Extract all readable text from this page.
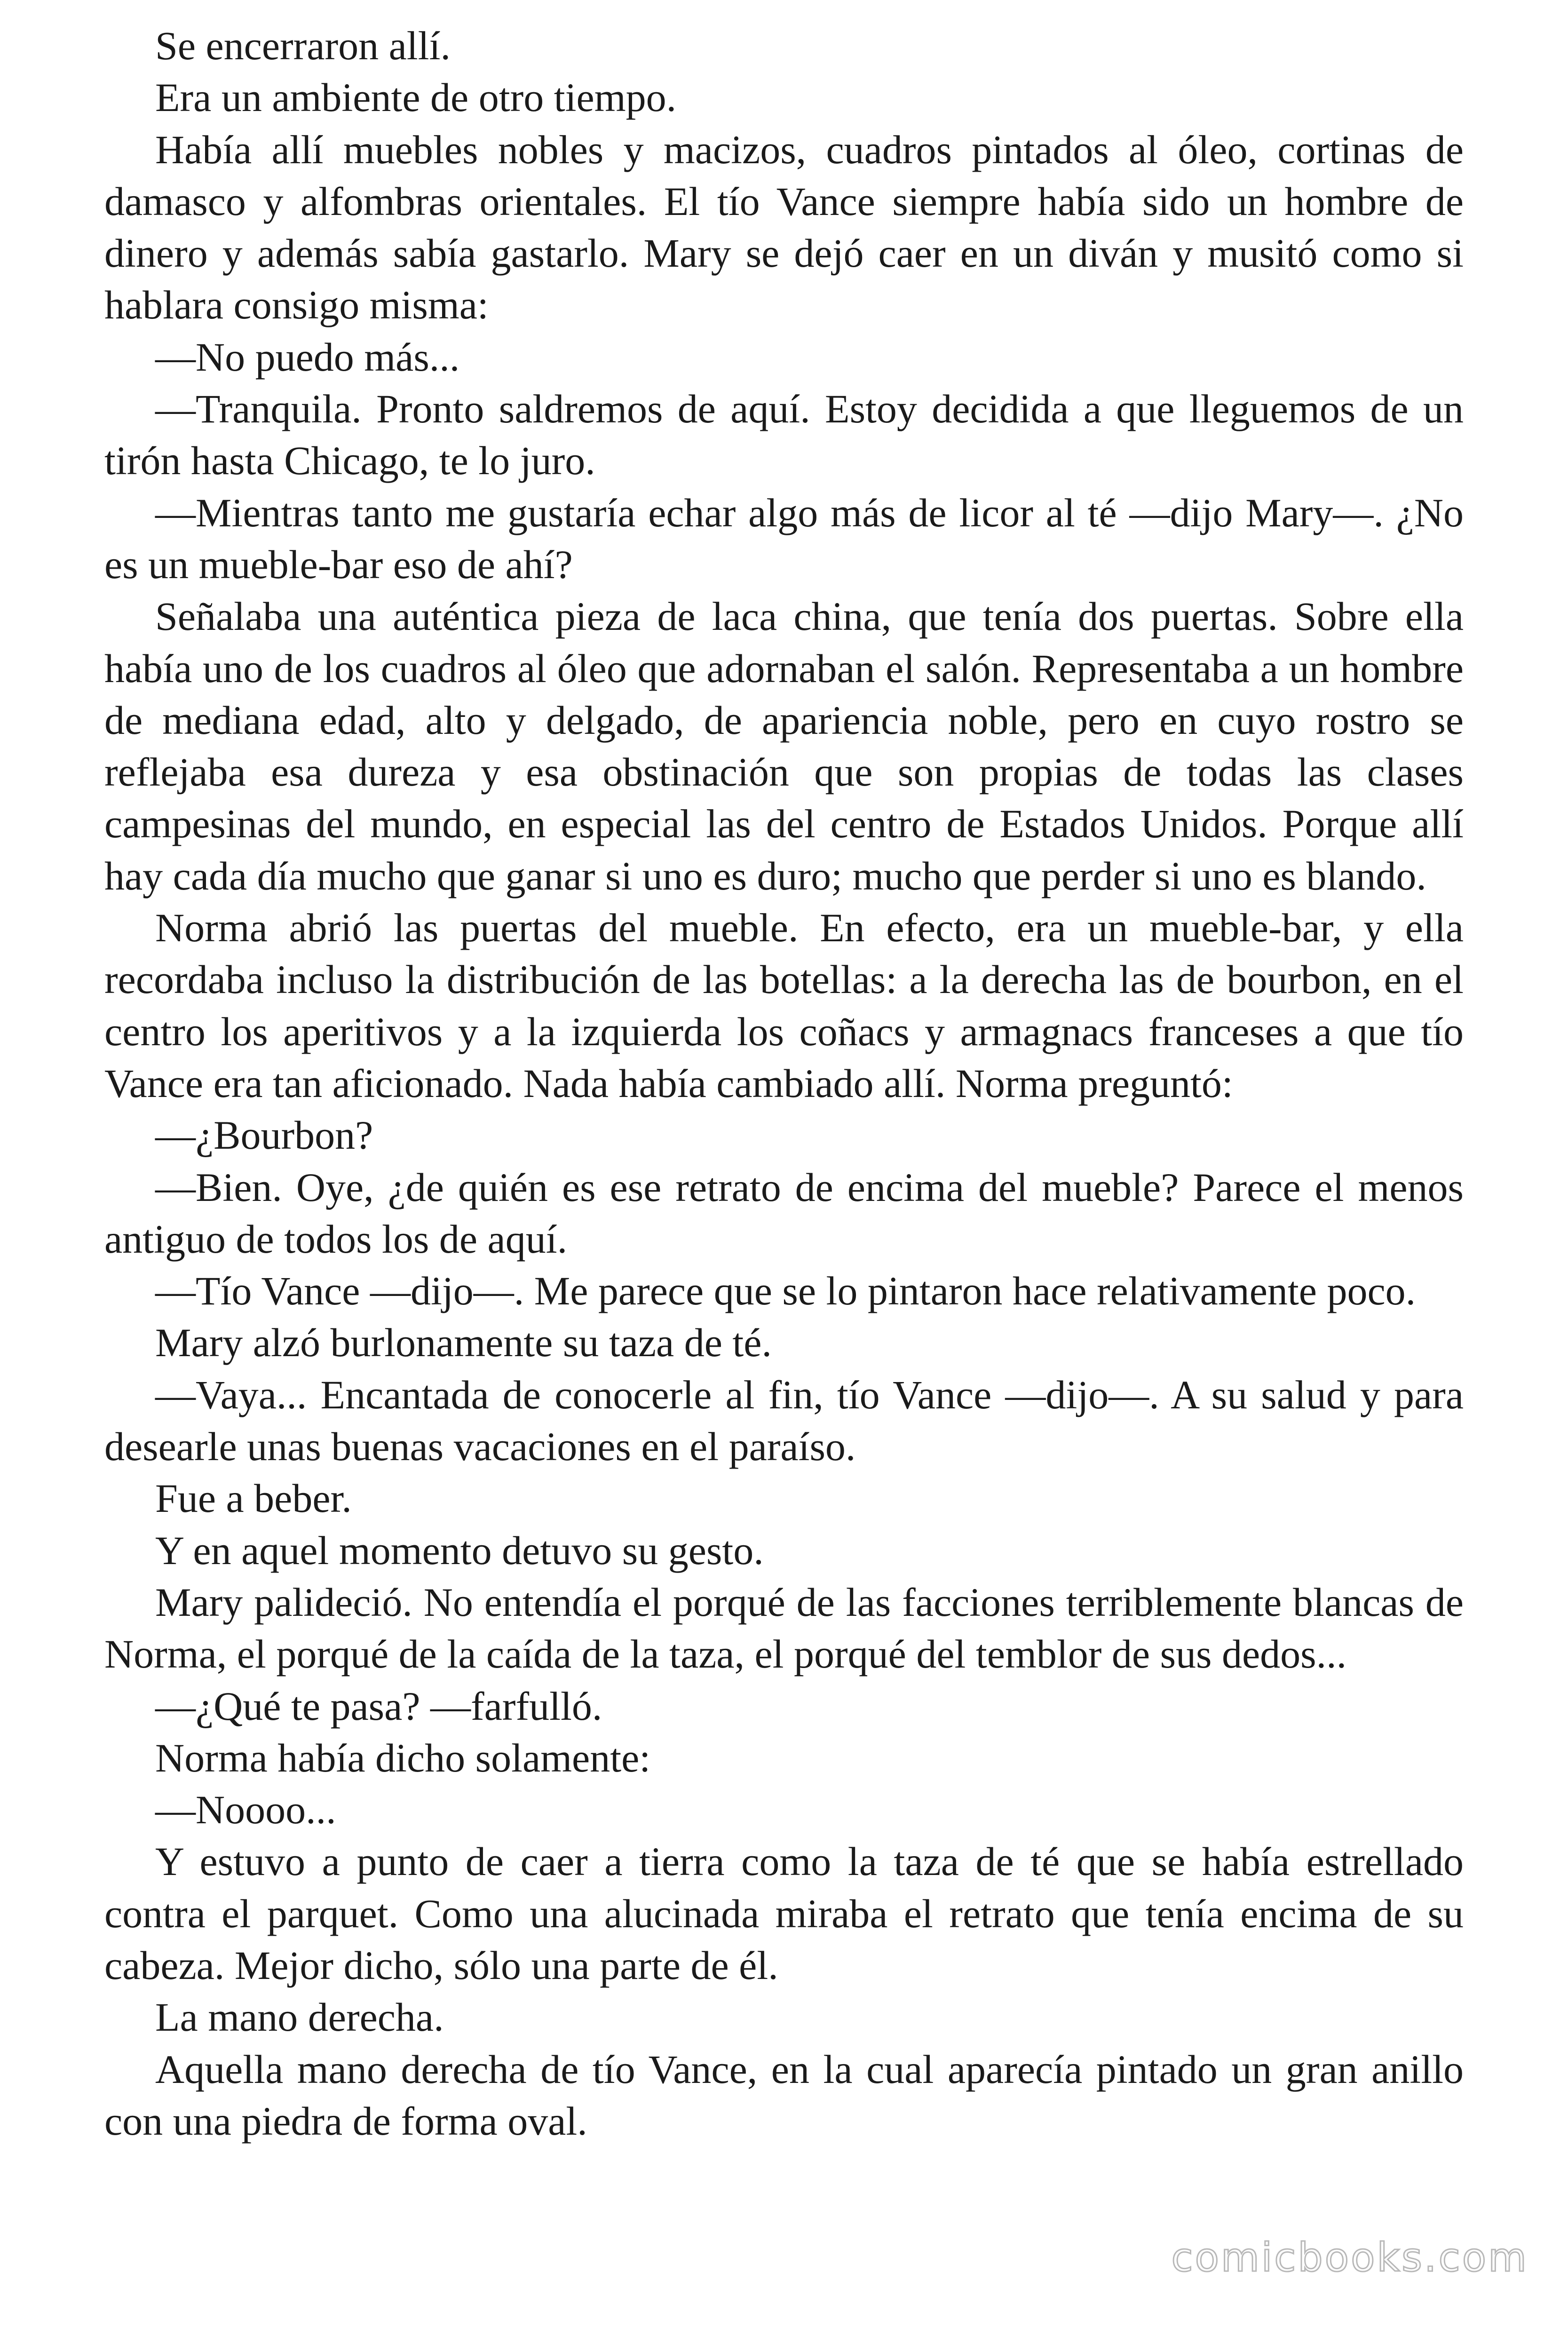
Se encerraron allí.

Era un ambiente de otro tiempo.

Había allí muebles nobles y macizos, cuadros pintados al óleo, cortinas de damasco y alfombras orientales. El tío Vance siempre había sido un hombre de dinero y además sabía gastarlo. Mary se dejó caer en un diván y musitó como si hablara consigo misma:

—No puedo más...

—Tranquila. Pronto saldremos de aquí. Estoy decidida a que lleguemos de un tirón hasta Chicago, te lo juro.

—Mientras tanto me gustaría echar algo más de licor al té —dijo Mary—. ¿No es un mueble-bar eso de ahí?

Señalaba una auténtica pieza de laca china, que tenía dos puertas. Sobre ella había uno de los cuadros al óleo que adornaban el salón. Representaba a un hombre de mediana edad, alto y delgado, de apariencia noble, pero en cuyo rostro se reflejaba esa dureza y esa obstinación que son propias de todas las clases campesinas del mundo, en especial las del centro de Estados Unidos. Porque allí hay cada día mucho que ganar si uno es duro; mucho que perder si uno es blando.

Norma abrió las puertas del mueble. En efecto, era un mueble-bar, y ella recordaba incluso la distribución de las botellas: a la derecha las de bourbon, en el centro los aperitivos y a la izquierda los coñacs y armagnacs franceses a que tío Vance era tan aficionado. Nada había cambiado allí. Norma preguntó:

—¿Bourbon?

—Bien. Oye, ¿de quién es ese retrato de encima del mueble? Parece el menos antiguo de todos los de aquí.

—Tío Vance —dijo—. Me parece que se lo pintaron hace relativamente poco.

Mary alzó burlonamente su taza de té.

—Vaya... Encantada de conocerle al fin, tío Vance —dijo—. A su salud y para desearle unas buenas vacaciones en el paraíso.

Fue a beber.

Y en aquel momento detuvo su gesto.

Mary palideció. No entendía el porqué de las facciones terriblemente blancas de Norma, el porqué de la caída de la taza, el porqué del temblor de sus dedos...

—¿Qué te pasa? —farfulló.

Norma había dicho solamente:

—Noooo...

Y estuvo a punto de caer a tierra como la taza de té que se había estrellado contra el parquet. Como una alucinada miraba el retrato que tenía encima de su cabeza. Mejor dicho, sólo una parte de él.

La mano derecha.

Aquella mano derecha de tío Vance, en la cual aparecía pintado un gran anillo con una piedra de forma oval.

comicbooks.com
